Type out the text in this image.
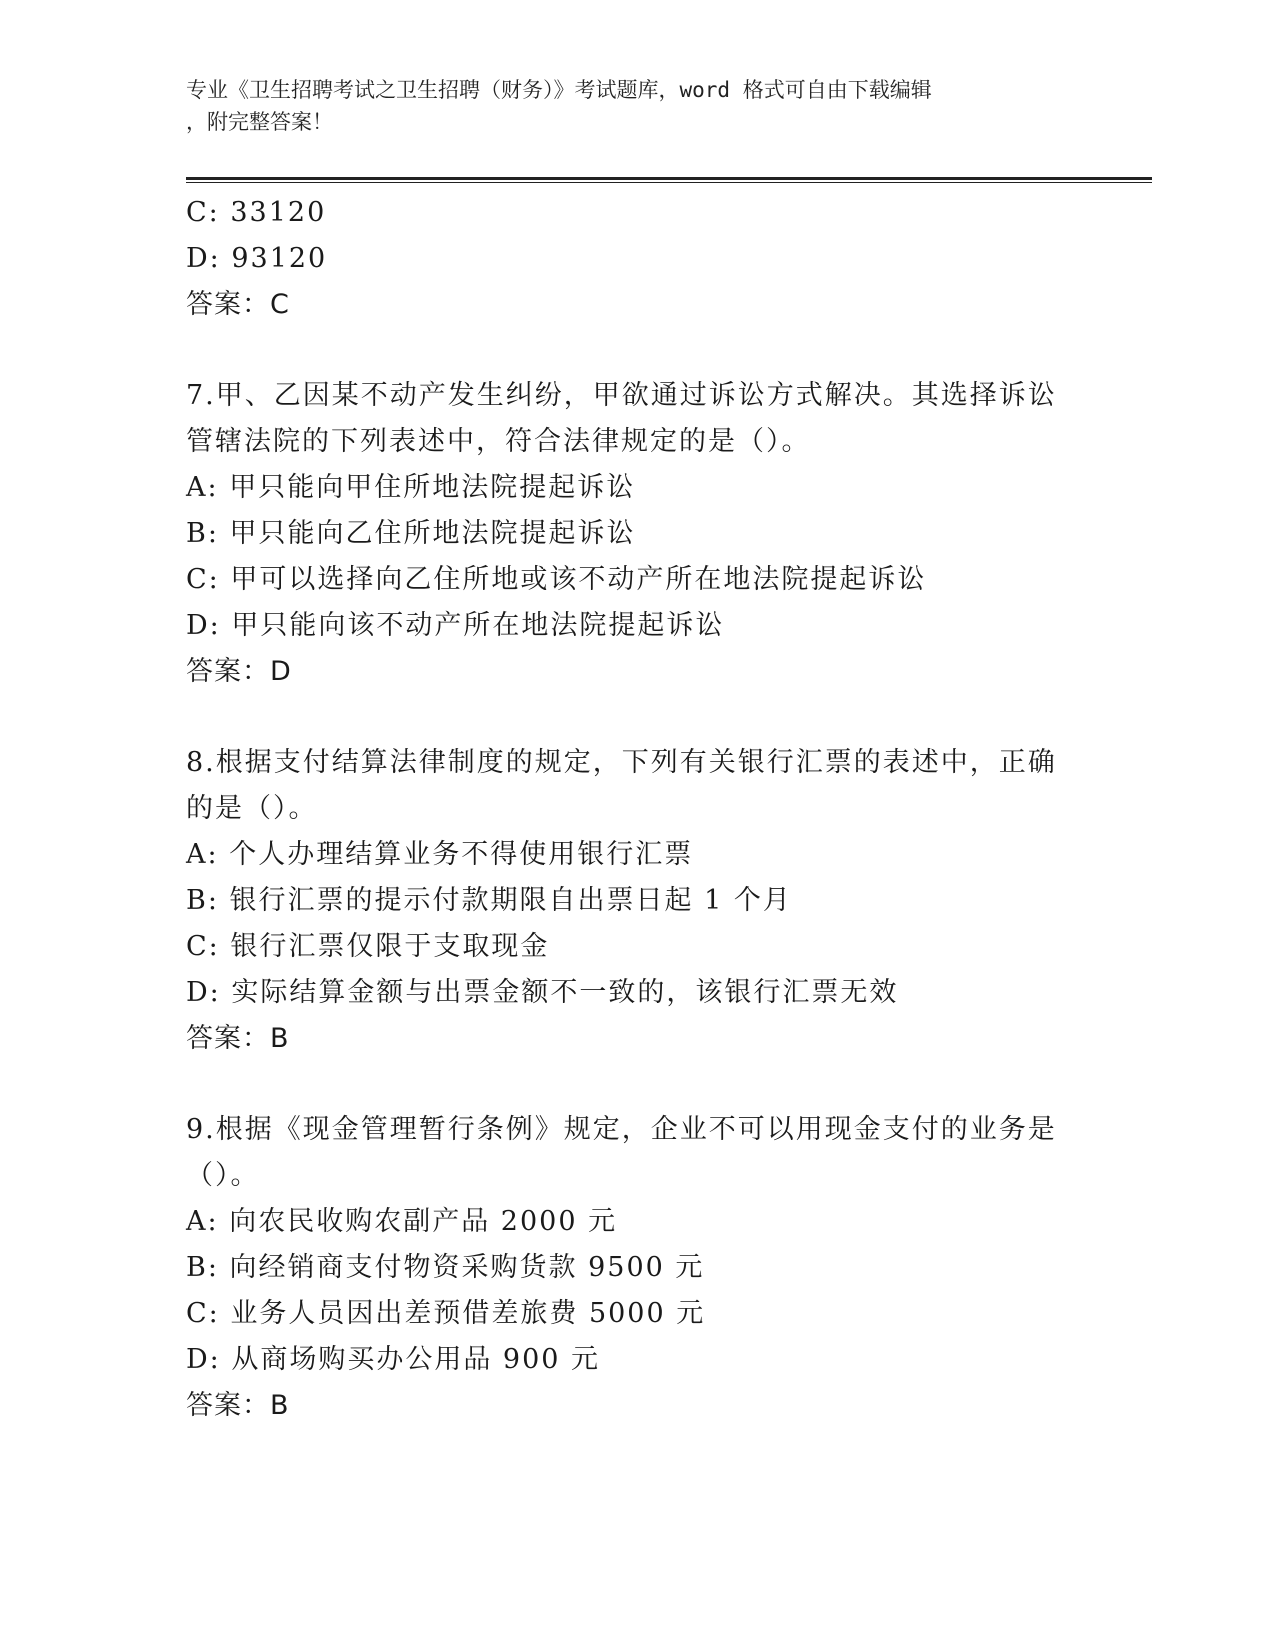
专业《卫生招聘考试之卫生招聘（财务）》考试题库，word 格式可自由下载编辑
，附完整答案！
C: 33120
D: 93120
答案：C
7.甲、乙因某不动产发生纠纷，甲欲通过诉讼方式解决。其选择诉讼
管辖法院的下列表述中，符合法律规定的是（）。
A: 甲只能向甲住所地法院提起诉讼
B: 甲只能向乙住所地法院提起诉讼
C: 甲可以选择向乙住所地或该不动产所在地法院提起诉讼
D: 甲只能向该不动产所在地法院提起诉讼
答案：D
8.根据支付结算法律制度的规定，下列有关银行汇票的表述中，正确
的是（）。
A: 个人办理结算业务不得使用银行汇票
B: 银行汇票的提示付款期限自出票日起 1 个月
C: 银行汇票仅限于支取现金
D: 实际结算金额与出票金额不一致的，该银行汇票无效
答案：B
9.根据《现金管理暂行条例》规定，企业不可以用现金支付的业务是
（）。
A: 向农民收购农副产品 2000 元
B: 向经销商支付物资采购货款 9500 元
C: 业务人员因出差预借差旅费 5000 元
D: 从商场购买办公用品 900 元
答案：B
